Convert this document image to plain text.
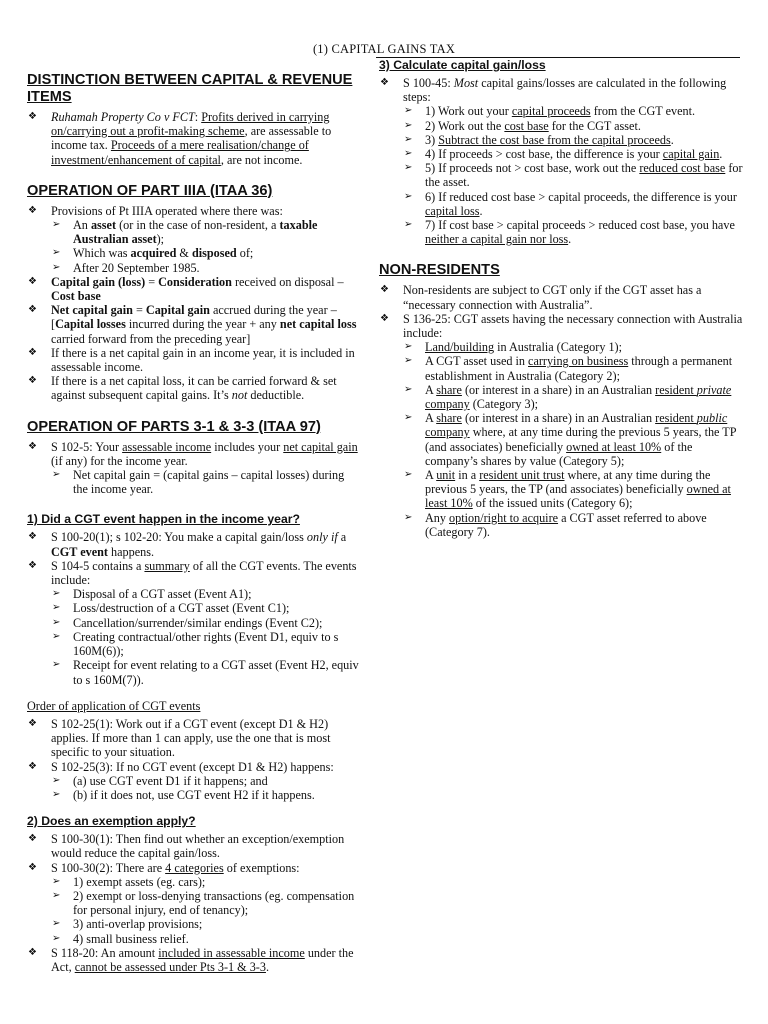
(1) CAPITAL GAINS TAX
DISTINCTION BETWEEN CAPITAL & REVENUE ITEMS
❖ Ruhamah Property Co v FCT: Profits derived in carrying on/carrying out a profit-making scheme, are assessable to income tax. Proceeds of a mere realisation/change of investment/enhancement of capital, are not income.
OPERATION OF PART IIIA (ITAA 36)
❖ Provisions of Pt IIIA operated where there was:
➢ An asset (or in the case of non-resident, a taxable Australian asset);
➢ Which was acquired & disposed of;
➢ After 20 September 1985.
❖ Capital gain (loss) = Consideration received on disposal – Cost base
❖ Net capital gain = Capital gain accrued during the year – [Capital losses incurred during the year + any net capital loss carried forward from the preceding year]
❖ If there is a net capital gain in an income year, it is included in assessable income.
❖ If there is a net capital loss, it can be carried forward & set against subsequent capital gains. It’s not deductible.
OPERATION OF PARTS 3-1 & 3-3 (ITAA 97)
❖ S 102-5: Your assessable income includes your net capital gain (if any) for the income year.
➢ Net capital gain = (capital gains – capital losses) during the income year.
1) Did a CGT event happen in the income year?
❖ S 100-20(1); s 102-20: You make a capital gain/loss only if a CGT event happens.
❖ S 104-5 contains a summary of all the CGT events. The events include:
➢ Disposal of a CGT asset (Event A1);
➢ Loss/destruction of a CGT asset (Event C1);
➢ Cancellation/surrender/similar endings (Event C2);
➢ Creating contractual/other rights (Event D1, equiv to s 160M(6));
➢ Receipt for event relating to a CGT asset (Event H2, equiv to s 160M(7)).

Order of application of CGT events

❖ S 102-25(1): Work out if a CGT event (except D1 & H2) applies. If more than 1 can apply, use the one that is most specific to your situation.
❖ S 102-25(3): If no CGT event (except D1 & H2) happens:
➢ (a) use CGT event D1 if it happens; and
➢ (b) if it does not, use CGT event H2 if it happens.
2) Does an exemption apply?
❖ S 100-30(1): Then find out whether an exception/exemption would reduce the capital gain/loss.
❖ S 100-30(2): There are 4 categories of exemptions:
➢ 1) exempt assets (eg. cars);
➢ 2) exempt or loss-denying transactions (eg. compensation for personal injury, end of tenancy);
➢ 3) anti-overlap provisions;
➢ 4) small business relief.
❖ S 118-20: An amount included in assessable income under the Act, cannot be assessed under Pts 3-1 & 3-3.
3) Calculate capital gain/loss
❖ S 100-45: Most capital gains/losses are calculated in the following steps:
➢ 1) Work out your capital proceeds from the CGT event.
➢ 2) Work out the cost base for the CGT asset.
➢ 3) Subtract the cost base from the capital proceeds.
➢ 4) If proceeds > cost base, the difference is your capital gain.
➢ 5) If proceeds not > cost base, work out the reduced cost base for the asset.
➢ 6) If reduced cost base > capital proceeds, the difference is your capital loss.
➢ 7) If cost base > capital proceeds > reduced cost base, you have neither a capital gain nor loss.
NON-RESIDENTS
❖ Non-residents are subject to CGT only if the CGT asset has a “necessary connection with Australia”.
❖ S 136-25: CGT assets having the necessary connection with Australia include:
➢ Land/building in Australia (Category 1);
➢ A CGT asset used in carrying on business through a permanent establishment in Australia (Category 2);
➢ A share (or interest in a share) in an Australian resident private company (Category 3);
➢ A share (or interest in a share) in an Australian resident public company where, at any time during the previous 5 years, the TP (and associates) beneficially owned at least 10% of the company’s shares by value (Category 5);
➢ A unit in a resident unit trust where, at any time during the previous 5 years, the TP (and associates) beneficially owned at least 10% of the issued units (Category 6);
➢ Any option/right to acquire a CGT asset referred to above (Category 7).
